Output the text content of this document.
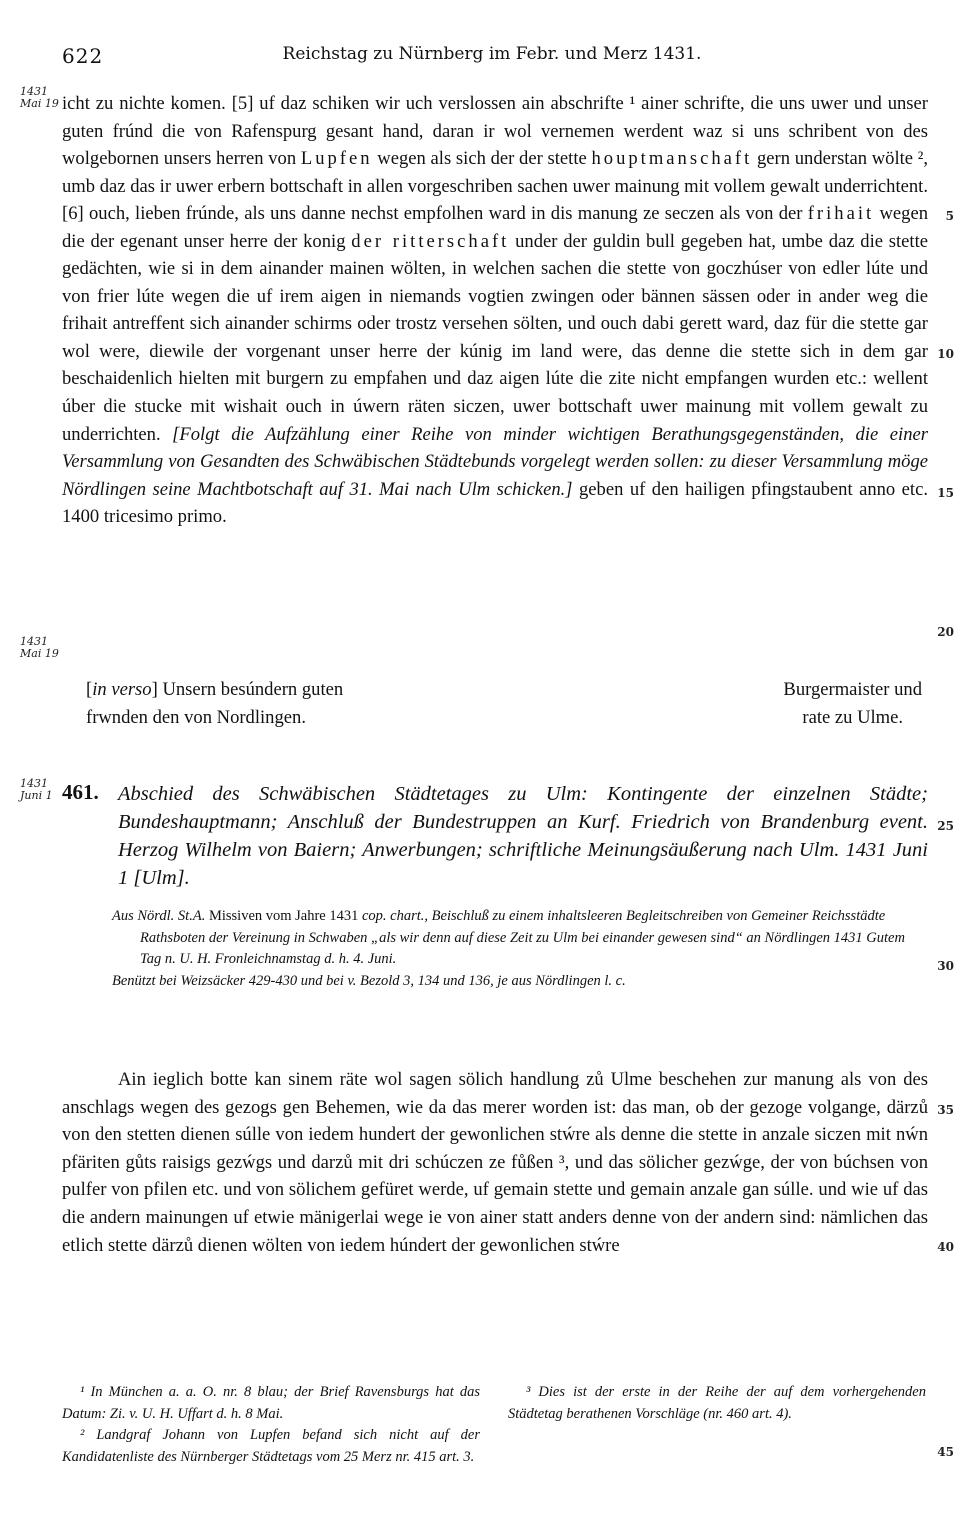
622	Reichstag zu Nürnberg im Febr. und Merz 1431.
1431
Mai 19
1431
Mai 19
1431
Juni 1
5
10
15
20
25
30
35
40
45

icht zu nichte komen. [5] uf daz schiken wir uch verslossen ain abschrifte ¹ ainer schrifte, die uns uwer und unser guten frúnd die von Rafenspurg gesant hand, daran ir wol vernemen werdent waz si uns schribent von des wolgebornen unsers herren von Lupfen wegen als sich der der stette houptmanschaft gern understan wölte ², umb daz das ir uwer erbern bottschaft in allen vorgeschriben sachen uwer mainung mit vollem gewalt underrichtent. [6] ouch, lieben frúnde, als uns danne nechst empfolhen ward in dis manung ze seczen als von der frihait wegen die der egenant unser herre der konig der ritterschaft under der guldin bull gegeben hat, umbe daz die stette gedächten, wie si in dem ainander mainen wölten, in welchen sachen die stette von goczhúser von edler lúte und von frier lúte wegen die uf irem aigen in niemands vogtien zwingen oder bännen sässen oder in ander weg die frihait antreffent sich ainander schirms oder trostz versehen sölten, und ouch dabi gerett ward, daz für die stette gar wol were, diewile der vorgenant unser herre der kúnig im land were, das denne die stette sich in dem gar beschaidenlich hielten mit burgern zu empfahen und daz aigen lúte die zite nicht empfangen wurden etc.: wellent úber die stucke mit wishait ouch in úwern räten siczen, uwer bottschaft uwer mainung mit vollem gewalt zu underrichten. [Folgt die Aufzählung einer Reihe von minder wichtigen Berathungsgegenständen, die einer Versammlung von Gesandten des Schwäbischen Städtebunds vorgelegt werden sollen: zu dieser Versammlung möge Nördlingen seine Machtbotschaft auf 31. Mai nach Ulm schicken.] geben uf den hailigen pfingstaubent anno etc. 1400 tricesimo primo.

[in verso] Unsern besúndern guten
frwnden den von Nordlingen.
Burgermaister und
rate zu Ulme.
461. Abschied des Schwäbischen Städtetages zu Ulm: Kontingente der einzelnen Städte; Bundeshauptmann; Anschluß der Bundestruppen an Kurf. Friedrich von Brandenburg event. Herzog Wilhelm von Baiern; Anwerbungen; schriftliche Meinungsäußerung nach Ulm. 1431 Juni 1 [Ulm].

Aus Nördl. St.A. Missiven vom Jahre 1431 cop. chart., Beischluß zu einem inhaltsleeren Begleitschreiben von Gemeiner Reichsstädte Rathsboten der Vereinung in Schwaben „als wir denn auf diese Zeit zu Ulm bei einander gewesen sind“ an Nördlingen 1431 Gutem Tag n. U. H. Fronleichnamstag d. h. 4. Juni.

Benützt bei Weizsäcker 429-430 und bei v. Bezold 3, 134 und 136, je aus Nördlingen l. c.

Ain ieglich botte kan sinem räte wol sagen sölich handlung zů Ulme beschehen zur manung als von des anschlags wegen des gezogs gen Behemen, wie da das merer worden ist: das man, ob der gezoge volgange, därzů von den stetten dienen súlle von iedem hundert der gewonlichen stẃre als denne die stette in anzale siczen mit nẃn pfäriten gůts raisigs gezẃgs und darzů mit dri schúczen ze fůßen ³, und das sölicher gezẃge, der von búchsen von pulfer von pfilen etc. und von sölichem gefüret werde, uf gemain stette und gemain anzale gan súlle. und wie uf das die andern mainungen uf etwie mänigerlai wege ie von ainer statt anders denne von der andern sind: nämlichen das etlich stette därzů dienen wölten von iedem húndert der gewonlichen stẃre

¹ In München a. a. O. nr. 8 blau; der Brief Ravensburgs hat das Datum: Zi. v. U. H. Uffart d. h. 8 Mai.

² Landgraf Johann von Lupfen befand sich nicht auf der Kandidatenliste des Nürnberger Städtetags vom 25 Merz nr. 415 art. 3.

³ Dies ist der erste in der Reihe der auf dem vorhergehenden Städtetag berathenen Vorschläge (nr. 460 art. 4).
